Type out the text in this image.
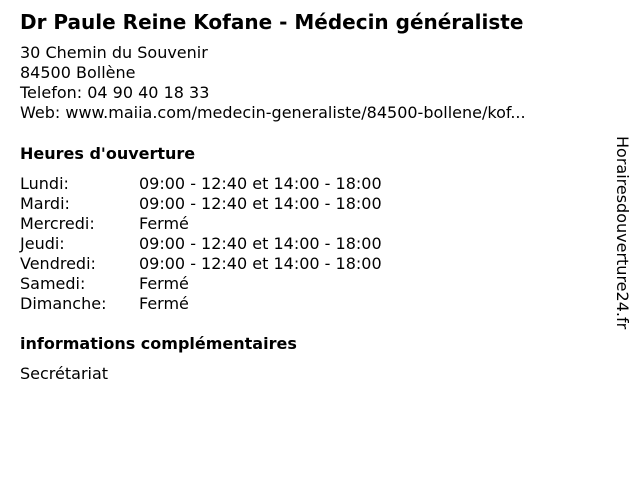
Dr Paule Reine Kofane - Médecin généraliste
30 Chemin du Souvenir
84500 Bollène
Telefon: 04 90 40 18 33
Web: www.maiia.com/medecin-generaliste/84500-bollene/kof...
Heures d'ouverture
Lundi:	09:00 - 12:40 et 14:00 - 18:00
Mardi:	09:00 - 12:40 et 14:00 - 18:00
Mercredi:	Fermé
Jeudi:	09:00 - 12:40 et 14:00 - 18:00
Vendredi:	09:00 - 12:40 et 14:00 - 18:00
Samedi:	Fermé
Dimanche: Fermé
informations complémentaires
Secrétariat
Horairesdouverture24.fr
